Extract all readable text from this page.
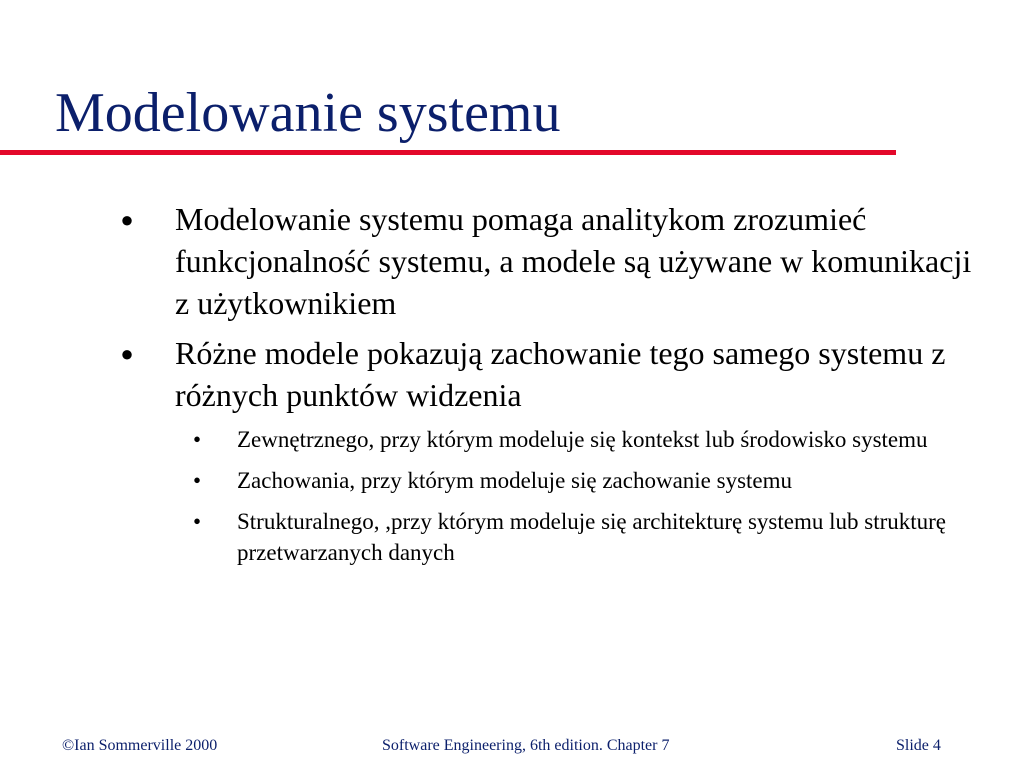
Modelowanie systemu
● Modelowanie systemu pomaga analitykom zrozumieć funkcjonalność systemu, a modele są używane w komunikacji z użytkownikiem
● Różne modele pokazują zachowanie tego samego systemu z różnych punktów widzenia
• Zewnętrznego, przy którym modeluje się kontekst lub środowisko systemu
• Zachowania, przy którym modeluje się zachowanie systemu
• Strukturalnego, ,przy którym modeluje się architekturę systemu lub strukturę przetwarzanych danych
©Ian Sommerville 2000	Software Engineering, 6th edition. Chapter 7	Slide 4
